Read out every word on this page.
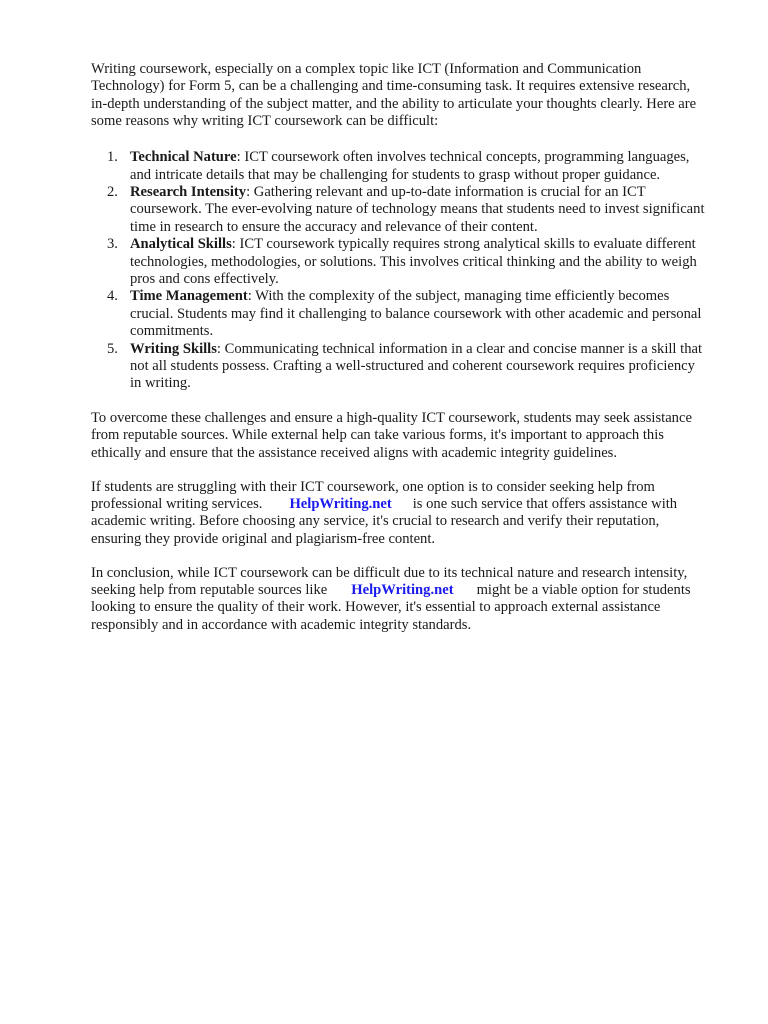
Writing coursework, especially on a complex topic like ICT (Information and Communication Technology) for Form 5, can be a challenging and time-consuming task. It requires extensive research, in-depth understanding of the subject matter, and the ability to articulate your thoughts clearly. Here are some reasons why writing ICT coursework can be difficult:

1. Technical Nature: ICT coursework often involves technical concepts, programming languages, and intricate details that may be challenging for students to grasp without proper guidance.
2. Research Intensity: Gathering relevant and up-to-date information is crucial for an ICT coursework. The ever-evolving nature of technology means that students need to invest significant time in research to ensure the accuracy and relevance of their content.
3. Analytical Skills: ICT coursework typically requires strong analytical skills to evaluate different technologies, methodologies, or solutions. This involves critical thinking and the ability to weigh pros and cons effectively.
4. Time Management: With the complexity of the subject, managing time efficiently becomes crucial. Students may find it challenging to balance coursework with other academic and personal commitments.
5. Writing Skills: Communicating technical information in a clear and concise manner is a skill that not all students possess. Crafting a well-structured and coherent coursework requires proficiency in writing.

To overcome these challenges and ensure a high-quality ICT coursework, students may seek assistance from reputable sources. While external help can take various forms, it's important to approach this ethically and ensure that the assistance received aligns with academic integrity guidelines.

If students are struggling with their ICT coursework, one option is to consider seeking help from professional writing services. HelpWriting.net is one such service that offers assistance with academic writing. Before choosing any service, it's crucial to research and verify their reputation, ensuring they provide original and plagiarism-free content.

In conclusion, while ICT coursework can be difficult due to its technical nature and research intensity, seeking help from reputable sources like HelpWriting.net might be a viable option for students looking to ensure the quality of their work. However, it's essential to approach external assistance responsibly and in accordance with academic integrity standards.
